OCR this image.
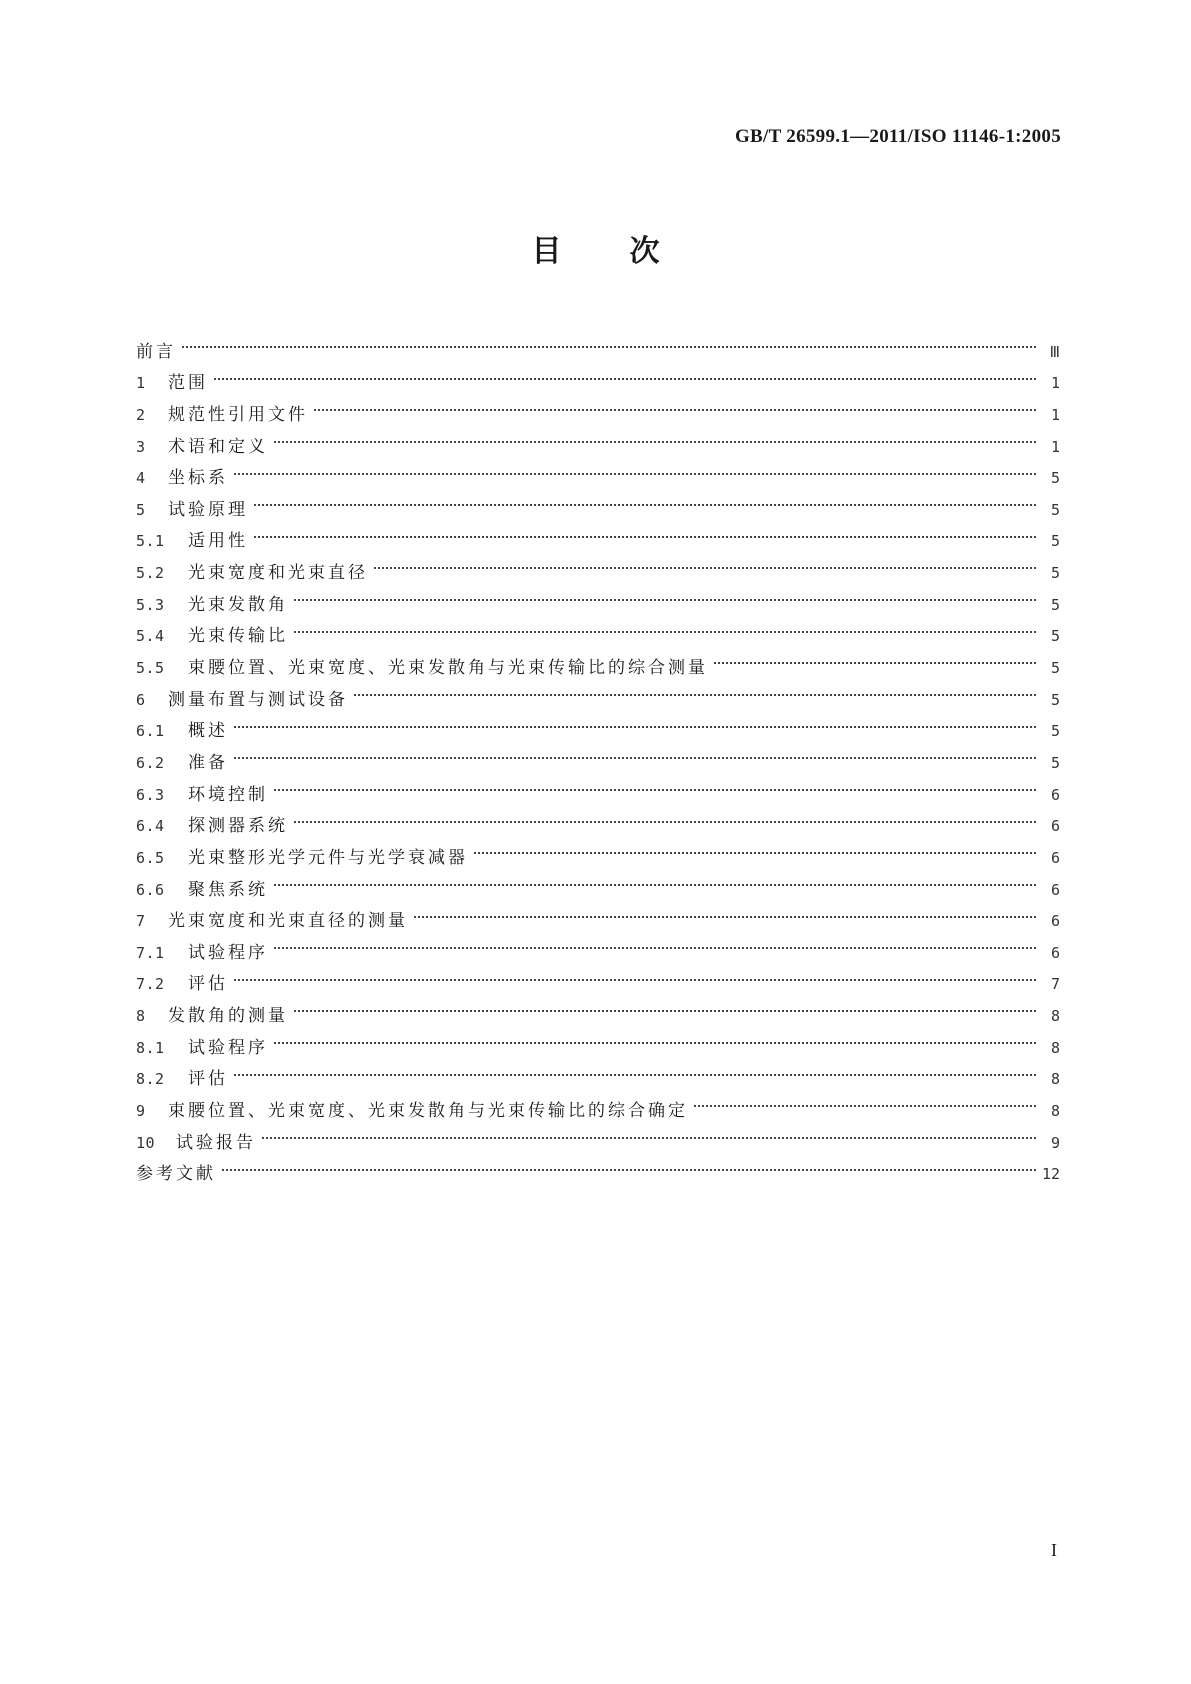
GB/T 26599.1—2011/ISO 11146-1:2005
目次
前言	Ⅲ
1	范围	1
2	规范性引用文件	1
3	术语和定义	1
4	坐标系	5
5	试验原理	5
5.1	适用性	5
5.2	光束宽度和光束直径	5
5.3	光束发散角	5
5.4	光束传输比	5
5.5	束腰位置、光束宽度、光束发散角与光束传输比的综合测量	5
6	测量布置与测试设备	5
6.1	概述	5
6.2	准备	5
6.3	环境控制	6
6.4	探测器系统	6
6.5	光束整形光学元件与光学衰减器	6
6.6	聚焦系统	6
7	光束宽度和光束直径的测量	6
7.1	试验程序	6
7.2	评估	7
8	发散角的测量	8
8.1	试验程序	8
8.2	评估	8
9	束腰位置、光束宽度、光束发散角与光束传输比的综合确定	8
10	试验报告	9
参考文献	12
I
